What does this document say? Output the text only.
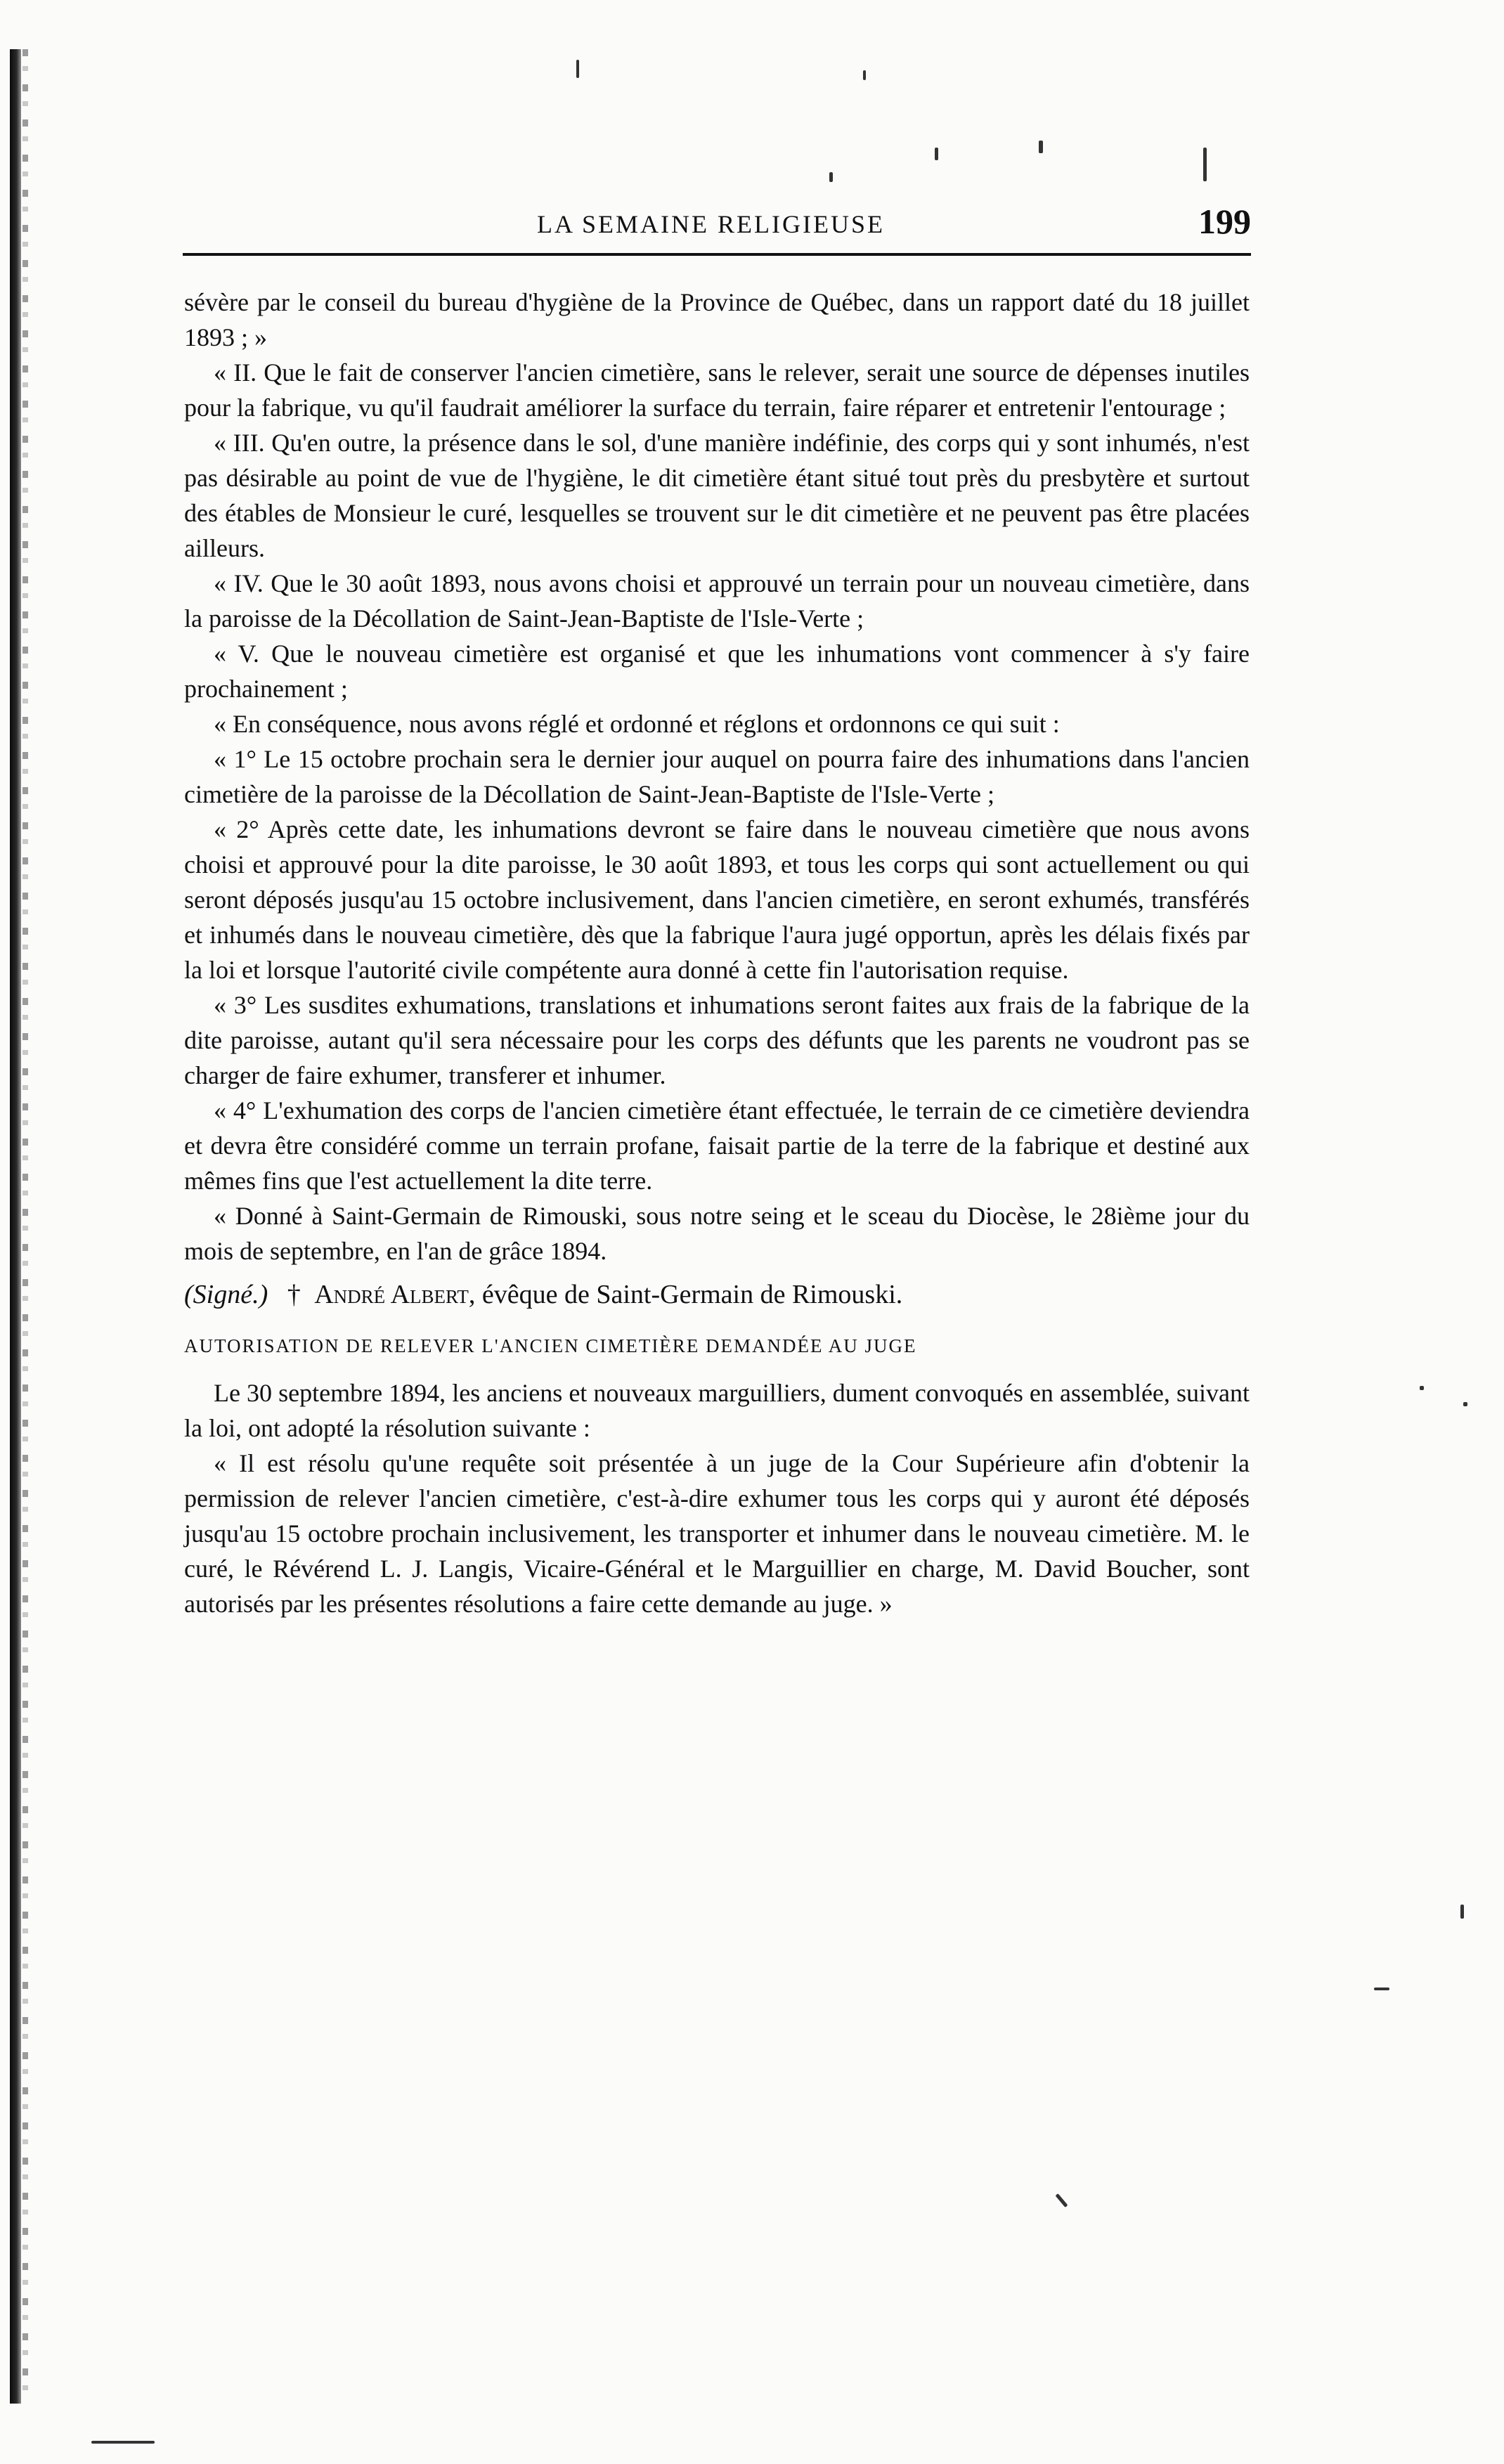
LA SEMAINE RELIGIEUSE	199

sévère par le conseil du bureau d'hygiène de la Province de Québec, dans un rapport daté du 18 juillet 1893 ; »

« II. Que le fait de conserver l'ancien cimetière, sans le relever, serait une source de dépenses inutiles pour la fabrique, vu qu'il faudrait améliorer la surface du terrain, faire réparer et entretenir l'entourage ;

« III. Qu'en outre, la présence dans le sol, d'une manière indéfinie, des corps qui y sont inhumés, n'est pas désirable au point de vue de l'hygiène, le dit cimetière étant situé tout près du presbytère et surtout des étables de Monsieur le curé, lesquelles se trouvent sur le dit cimetière et ne peuvent pas être placées ailleurs.

« IV. Que le 30 août 1893, nous avons choisi et approuvé un terrain pour un nouveau cimetière, dans la paroisse de la Décollation de Saint-Jean-Baptiste de l'Isle-Verte ;

« V. Que le nouveau cimetière est organisé et que les inhumations vont commencer à s'y faire prochainement ;

« En conséquence, nous avons réglé et ordonné et réglons et ordonnons ce qui suit :

« 1° Le 15 octobre prochain sera le dernier jour auquel on pourra faire des inhumations dans l'ancien cimetière de la paroisse de la Décollation de Saint-Jean-Baptiste de l'Isle-Verte ;

« 2° Après cette date, les inhumations devront se faire dans le nouveau cimetière que nous avons choisi et approuvé pour la dite paroisse, le 30 août 1893, et tous les corps qui sont actuellement ou qui seront déposés jusqu'au 15 octobre inclusivement, dans l'ancien cimetière, en seront exhumés, transférés et inhumés dans le nouveau cimetière, dès que la fabrique l'aura jugé opportun, après les délais fixés par la loi et lorsque l'autorité civile compétente aura donné à cette fin l'autorisation requise.

« 3° Les susdites exhumations, translations et inhumations seront faites aux frais de la fabrique de la dite paroisse, autant qu'il sera nécessaire pour les corps des défunts que les parents ne voudront pas se charger de faire exhumer, transferer et inhumer.

« 4° L'exhumation des corps de l'ancien cimetière étant effectuée, le terrain de ce cimetière deviendra et devra être considéré comme un terrain profane, faisait partie de la terre de la fabrique et destiné aux mêmes fins que l'est actuellement la dite terre.

« Donné à Saint-Germain de Rimouski, sous notre seing et le sceau du Diocèse, le 28ième jour du mois de septembre, en l'an de grâce 1894.

(Signé.) † André Albert, évêque de Saint-Germain de Rimouski.

AUTORISATION DE RELEVER L'ANCIEN CIMETIÈRE DEMANDÉE AU JUGE

Le 30 septembre 1894, les anciens et nouveaux marguilliers, dument convoqués en assemblée, suivant la loi, ont adopté la résolution suivante :

« Il est résolu qu'une requête soit présentée à un juge de la Cour Supérieure afin d'obtenir la permission de relever l'ancien cimetière, c'est-à-dire exhumer tous les corps qui y auront été déposés jusqu'au 15 octobre prochain inclusivement, les transporter et inhumer dans le nouveau cimetière. M. le curé, le Révérend L. J. Langis, Vicaire-Général et le Marguillier en charge, M. David Boucher, sont autorisés par les présentes résolutions a faire cette demande au juge. »
